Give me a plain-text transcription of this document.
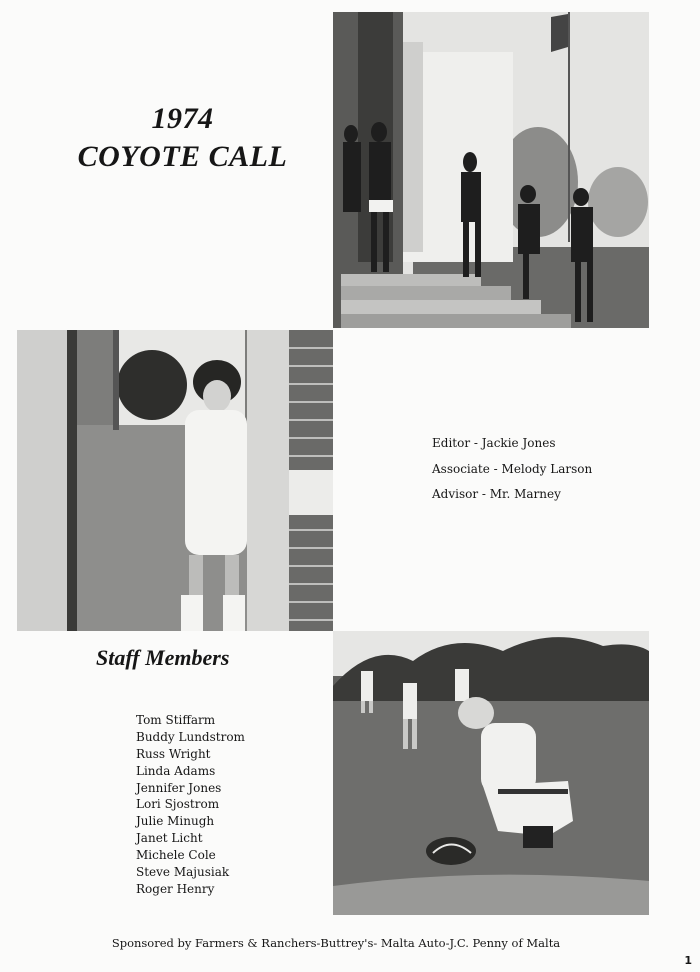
1974
COYOTE CALL
Editor - Jackie Jones
Associate - Melody Larson
Advisor - Mr. Marney
Staff Members
Tom Stiffarm
Buddy Lundstrom
Russ Wright
Linda Adams
Jennifer Jones
Lori Sjostrom
Julie Minugh
Janet Licht
Michele Cole
Steve Majusiak
Roger Henry
Sponsored by Farmers & Ranchers-Buttrey's- Malta Auto-J.C. Penny of Malta
1
